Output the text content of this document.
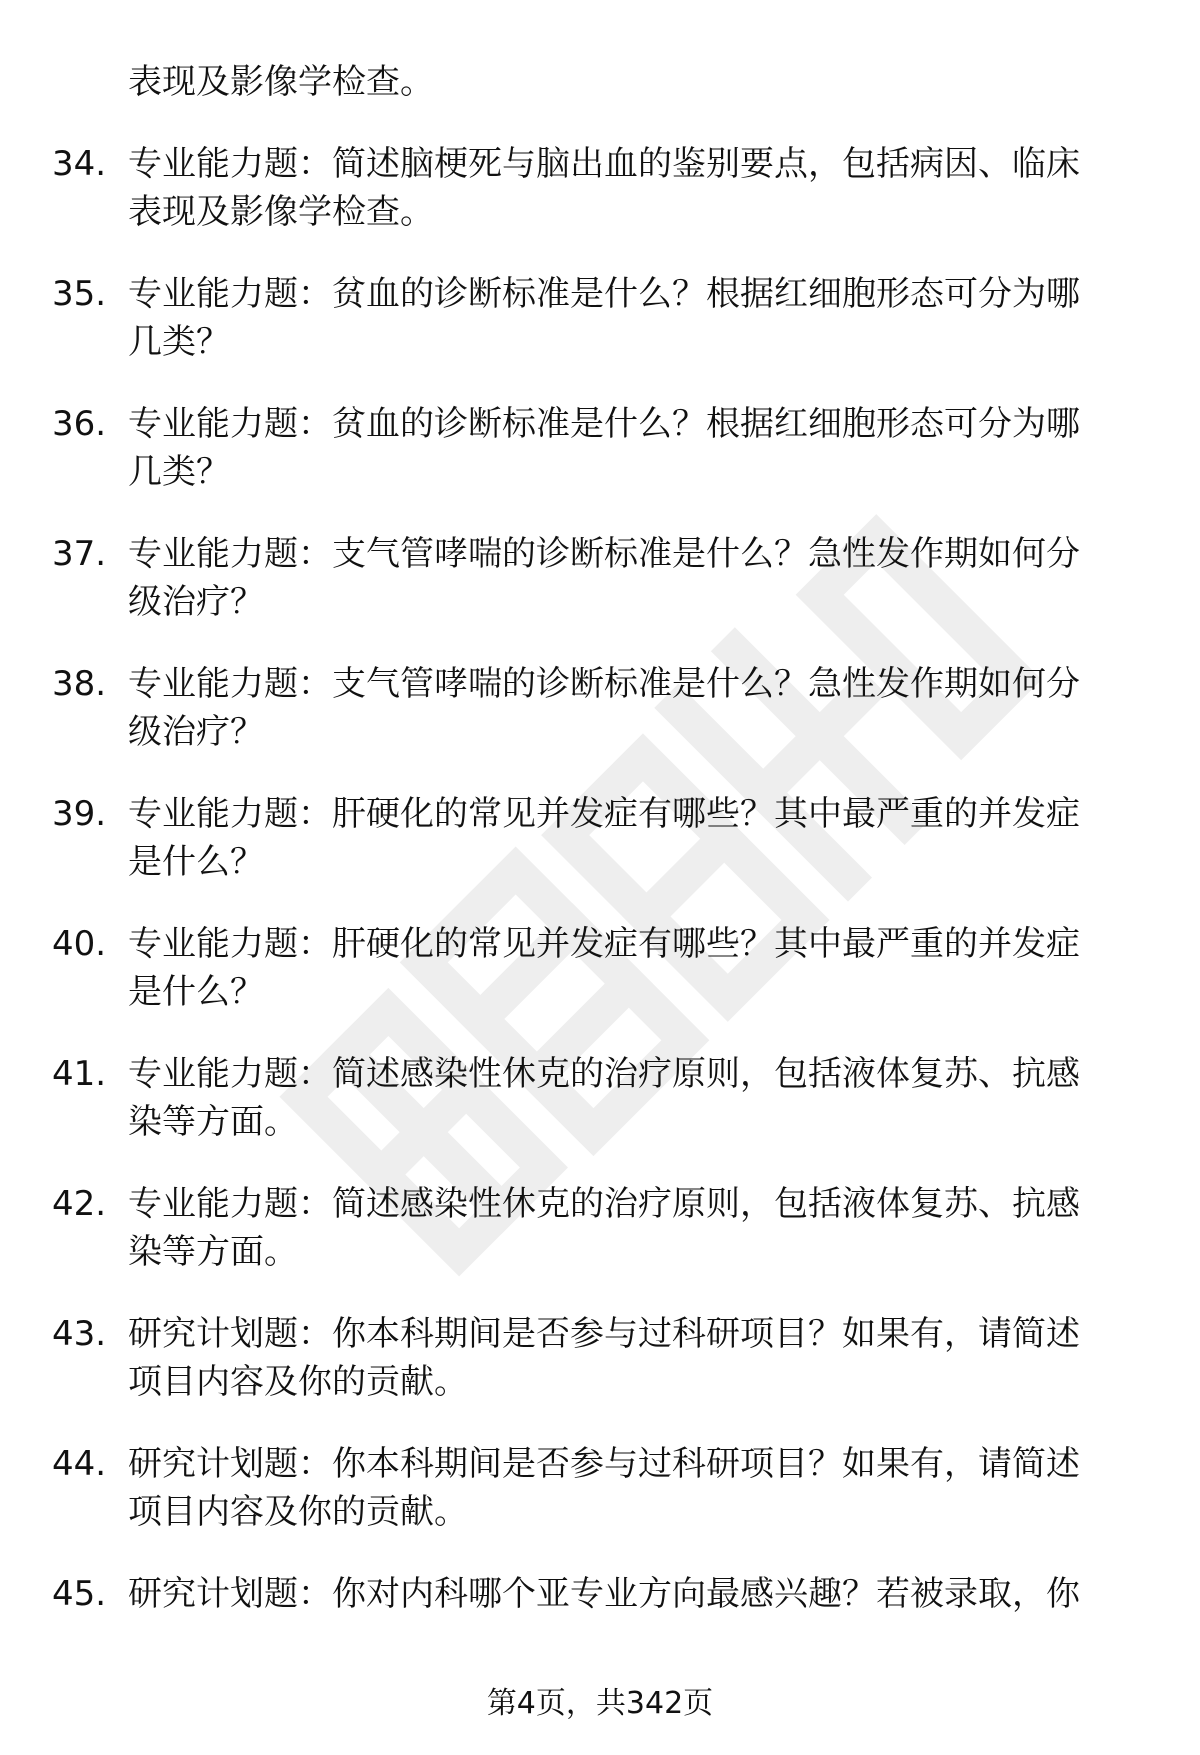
表现及影像学检查。
34. 专业能力题：简述脑梗死与脑出血的鉴别要点，包括病因、临床
表现及影像学检查。
35. 专业能力题：贫血的诊断标准是什么？根据红细胞形态可分为哪
几类？
36. 专业能力题：贫血的诊断标准是什么？根据红细胞形态可分为哪
几类？
37. 专业能力题：支气管哮喘的诊断标准是什么？急性发作期如何分
级治疗？
38. 专业能力题：支气管哮喘的诊断标准是什么？急性发作期如何分
级治疗？
39. 专业能力题：肝硬化的常见并发症有哪些？其中最严重的并发症
是什么？
40. 专业能力题：肝硬化的常见并发症有哪些？其中最严重的并发症
是什么？
41. 专业能力题：简述感染性休克的治疗原则，包括液体复苏、抗感
染等方面。
42. 专业能力题：简述感染性休克的治疗原则，包括液体复苏、抗感
染等方面。
43. 研究计划题：你本科期间是否参与过科研项目？如果有，请简述
项目内容及你的贡献。
44. 研究计划题：你本科期间是否参与过科研项目？如果有，请简述
项目内容及你的贡献。
45. 研究计划题：你对内科哪个亚专业方向最感兴趣？若被录取，你
第4页，共342页
